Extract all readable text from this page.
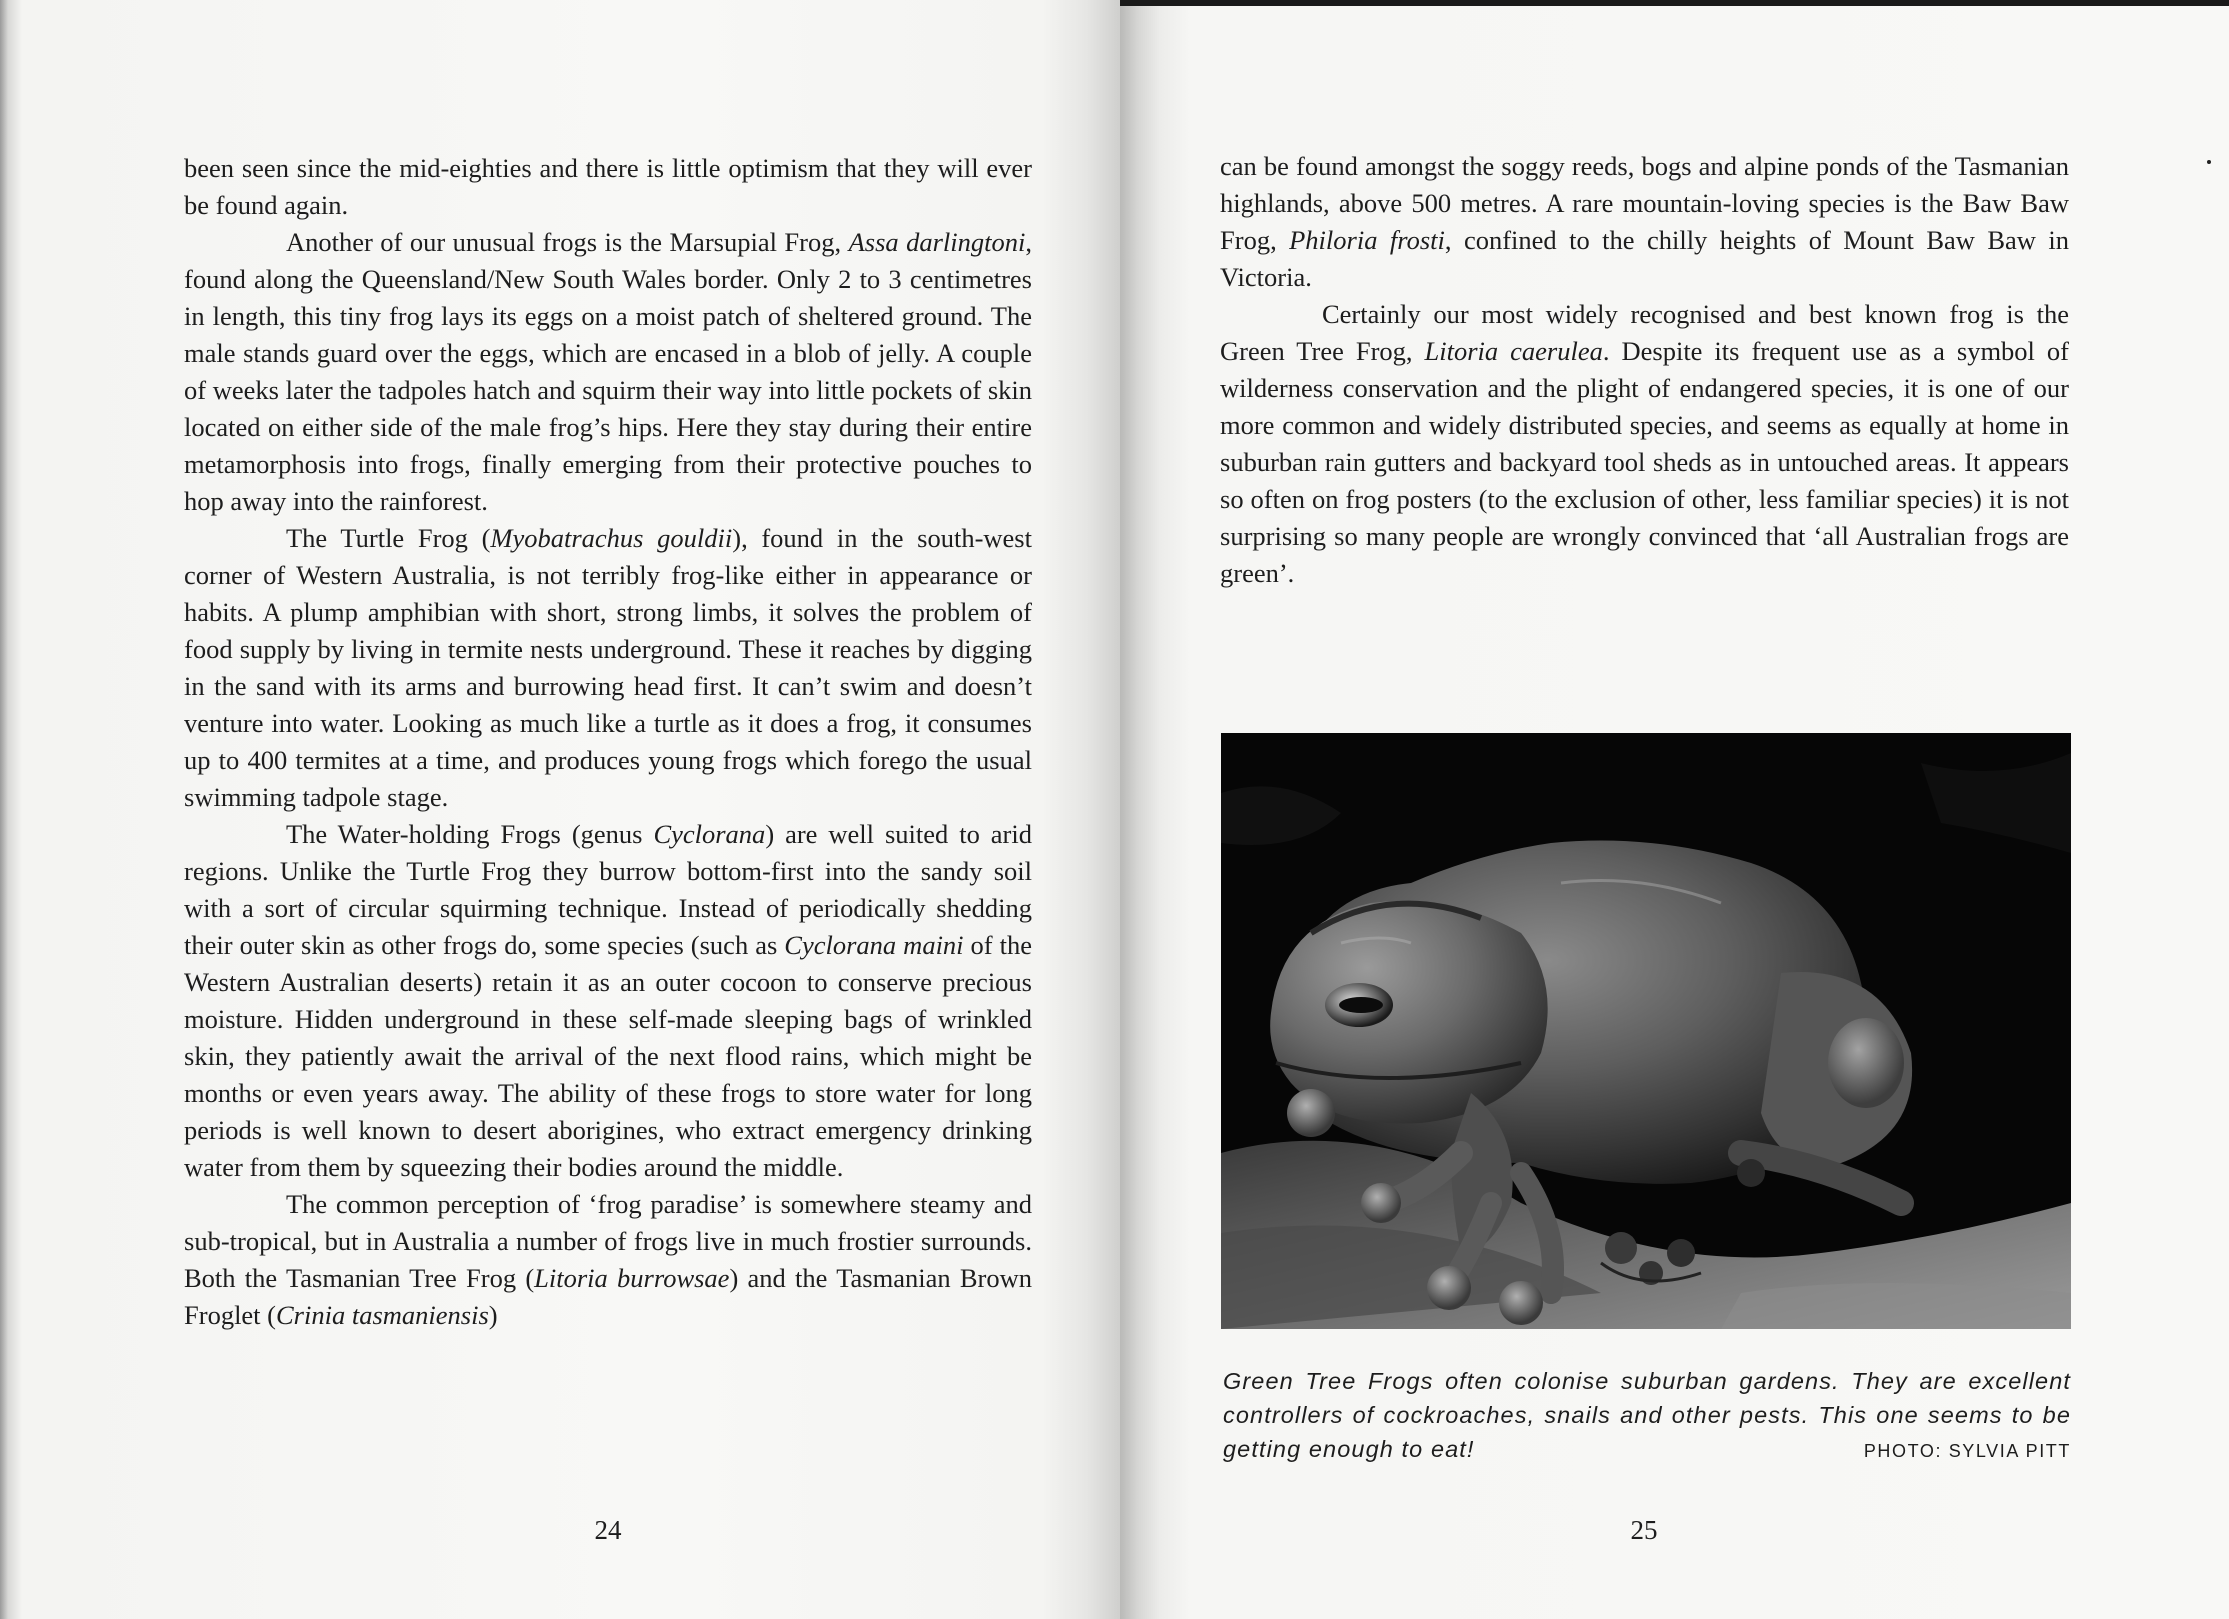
been seen since the mid-eighties and there is little optimism that they will ever be found again.

Another of our unusual frogs is the Marsupial Frog, Assa darlingtoni, found along the Queensland/New South Wales border. Only 2 to 3 centimetres in length, this tiny frog lays its eggs on a moist patch of sheltered ground. The male stands guard over the eggs, which are encased in a blob of jelly. A couple of weeks later the tadpoles hatch and squirm their way into little pockets of skin located on either side of the male frog’s hips. Here they stay during their entire metamorphosis into frogs, finally emerging from their protective pouches to hop away into the rainforest.

The Turtle Frog (Myobatrachus gouldii), found in the south-west corner of Western Australia, is not terribly frog-like either in appearance or habits. A plump amphibian with short, strong limbs, it solves the problem of food supply by living in termite nests underground. These it reaches by digging in the sand with its arms and burrowing head first. It can’t swim and doesn’t venture into water. Looking as much like a turtle as it does a frog, it consumes up to 400 termites at a time, and produces young frogs which forego the usual swimming tadpole stage.

The Water-holding Frogs (genus Cyclorana) are well suited to arid regions. Unlike the Turtle Frog they burrow bottom-first into the sandy soil with a sort of circular squirming technique. Instead of periodically shedding their outer skin as other frogs do, some species (such as Cyclorana maini of the Western Australian deserts) retain it as an outer cocoon to conserve precious moisture. Hidden underground in these self-made sleeping bags of wrinkled skin, they patiently await the arrival of the next flood rains, which might be months or even years away. The ability of these frogs to store water for long periods is well known to desert aborigines, who extract emergency drinking water from them by squeezing their bodies around the middle.

The common perception of ‘frog paradise’ is somewhere steamy and sub-tropical, but in Australia a number of frogs live in much frostier surrounds. Both the Tasmanian Tree Frog (Litoria burrowsae) and the Tasmanian Brown Froglet (Crinia tasmaniensis)

24

can be found amongst the soggy reeds, bogs and alpine ponds of the Tasmanian highlands, above 500 metres. A rare mountain-loving species is the Baw Baw Frog, Philoria frosti, confined to the chilly heights of Mount Baw Baw in Victoria.

Certainly our most widely recognised and best known frog is the Green Tree Frog, Litoria caerulea. Despite its frequent use as a symbol of wilderness conservation and the plight of endangered species, it is one of our more common and widely distributed species, and seems as equally at home in suburban rain gutters and backyard tool sheds as in untouched areas. It appears so often on frog posters (to the exclusion of other, less familiar species) it is not surprising so many people are wrongly convinced that ‘all Australian frogs are green’.

Green Tree Frogs often colonise suburban gardens. They are excellent controllers of cockroaches, snails and other pests. This one seems to be getting enough to eat!	PHOTO: SYLVIA PITT
25
